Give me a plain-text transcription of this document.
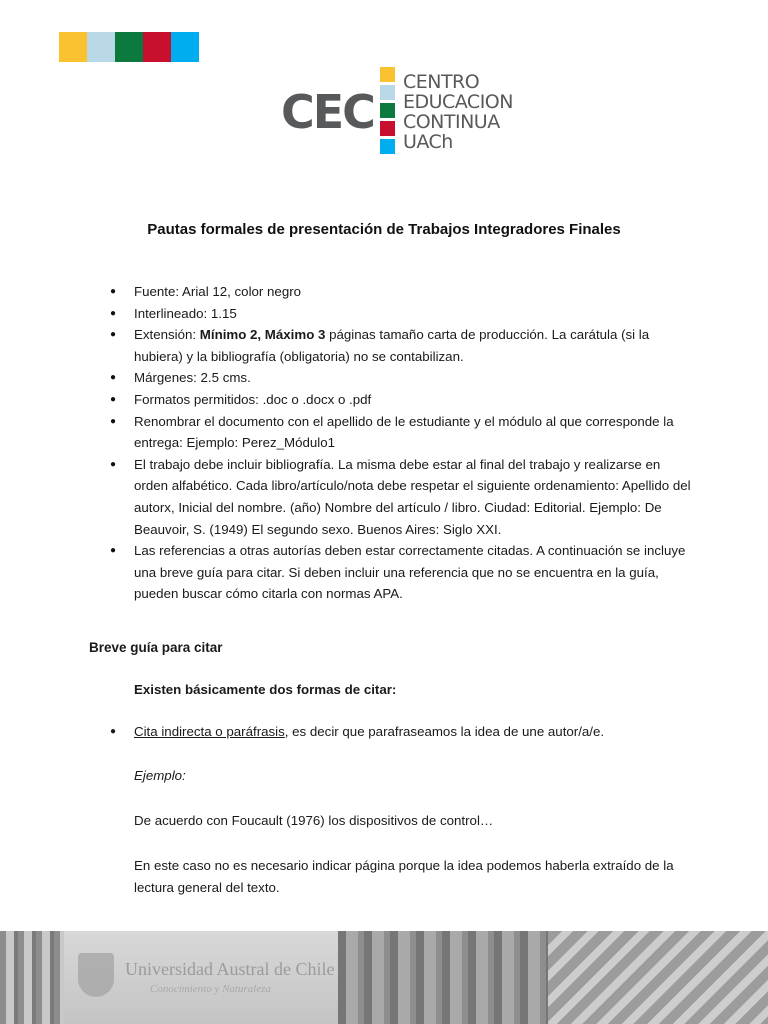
CEC
CENTRO
EDUCACION
CONTINUA
UACh
Pautas formales de presentación de Trabajos Integradores Finales
● Fuente: Arial 12, color negro
● Interlineado: 1.15
● Extensión: Mínimo 2, Máximo 3 páginas tamaño carta de producción. La carátula (si la hubiera) y la bibliografía (obligatoria) no se contabilizan.
● Márgenes: 2.5 cms.
● Formatos permitidos: .doc o .docx o .pdf
● Renombrar el documento con el apellido de le estudiante y el módulo al que corresponde la entrega: Ejemplo: Perez_Módulo1
● El trabajo debe incluir bibliografía. La misma debe estar al final del trabajo y realizarse en orden alfabético. Cada libro/artículo/nota debe respetar el siguiente ordenamiento: Apellido del autorx, Inicial del nombre. (año) Nombre del artículo / libro. Ciudad: Editorial. Ejemplo: De Beauvoir, S. (1949) El segundo sexo. Buenos Aires: Siglo XXI.
● Las referencias a otras autorías deben estar correctamente citadas. A continuación se incluye una breve guía para citar. Si deben incluir una referencia que no se encuentra en la guía, pueden buscar cómo citarla con normas APA.
Breve guía para citar

Existen básicamente dos formas de citar:

● Cita indirecta o paráfrasis, es decir que parafraseamos la idea de une autor/a/e.

Ejemplo:

De acuerdo con Foucault (1976) los dispositivos de control…

En este caso no es necesario indicar página porque la idea podemos haberla extraído de la lectura general del texto.

Universidad Austral de Chile
Conocimiento y Naturaleza
